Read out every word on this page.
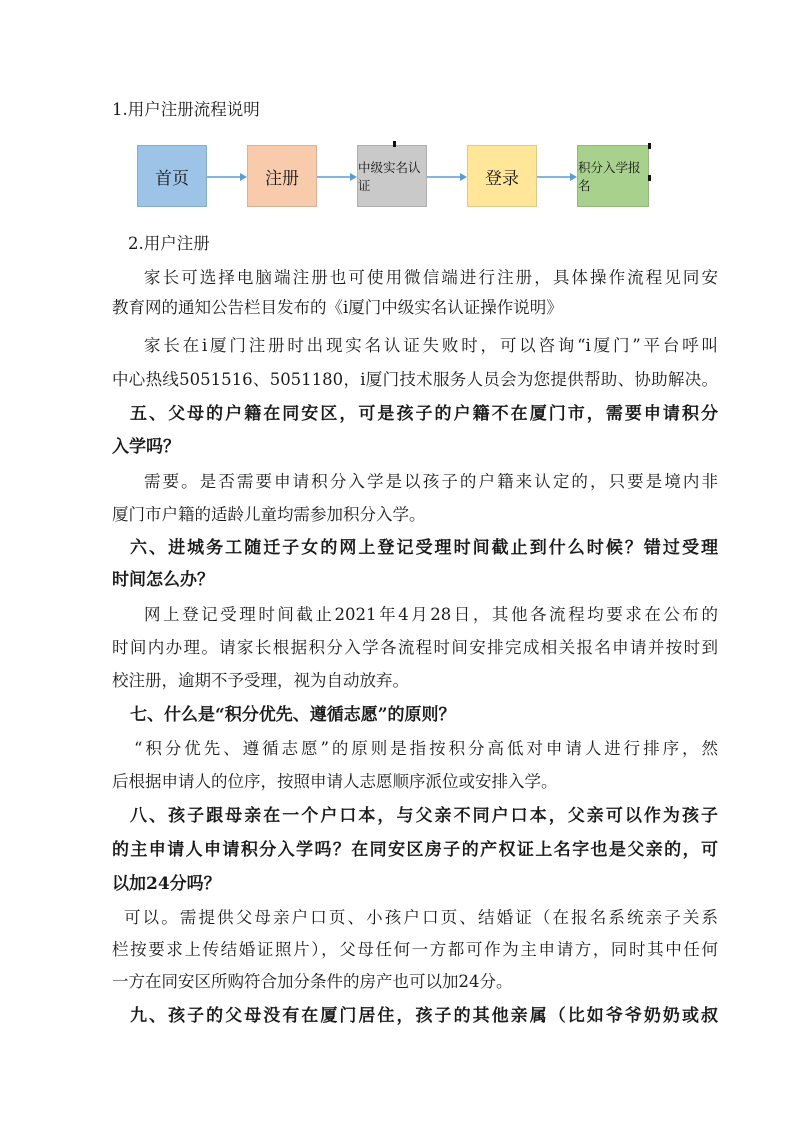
1.用户注册流程说明
首页	注册
中级实名认证	登录
积分入学报名
2.用户注册
家长可选择电脑端注册也可使用微信端进行注册，具体操作流程见同安
教育网的通知公告栏目发布的《i厦门中级实名认证操作说明》
家长在i厦门注册时出现实名认证失败时，可以咨询“i厦门”平台呼叫
中心热线5051516、5051180，i厦门技术服务人员会为您提供帮助、协助解决。
五、父母的户籍在同安区，可是孩子的户籍不在厦门市，需要申请积分
入学吗？
需要。是否需要申请积分入学是以孩子的户籍来认定的，只要是境内非
厦门市户籍的适龄儿童均需参加积分入学。
六、进城务工随迁子女的网上登记受理时间截止到什么时候？错过受理
时间怎么办？
网上登记受理时间截止2021年4月28日，其他各流程均要求在公布的
时间内办理。请家长根据积分入学各流程时间安排完成相关报名申请并按时到
校注册，逾期不予受理，视为自动放弃。
七、什么是“积分优先、遵循志愿”的原则？
“积分优先、遵循志愿”的原则是指按积分高低对申请人进行排序，然
后根据申请人的位序，按照申请人志愿顺序派位或安排入学。
八、孩子跟母亲在一个户口本，与父亲不同户口本，父亲可以作为孩子
的主申请人申请积分入学吗？在同安区房子的产权证上名字也是父亲的，可
以加24分吗？
可以。需提供父母亲户口页、小孩户口页、结婚证（在报名系统亲子关系
栏按要求上传结婚证照片），父母任何一方都可作为主申请方，同时其中任何
一方在同安区所购符合加分条件的房产也可以加24分。
九、孩子的父母没有在厦门居住，孩子的其他亲属（比如爷爷奶奶或叔
